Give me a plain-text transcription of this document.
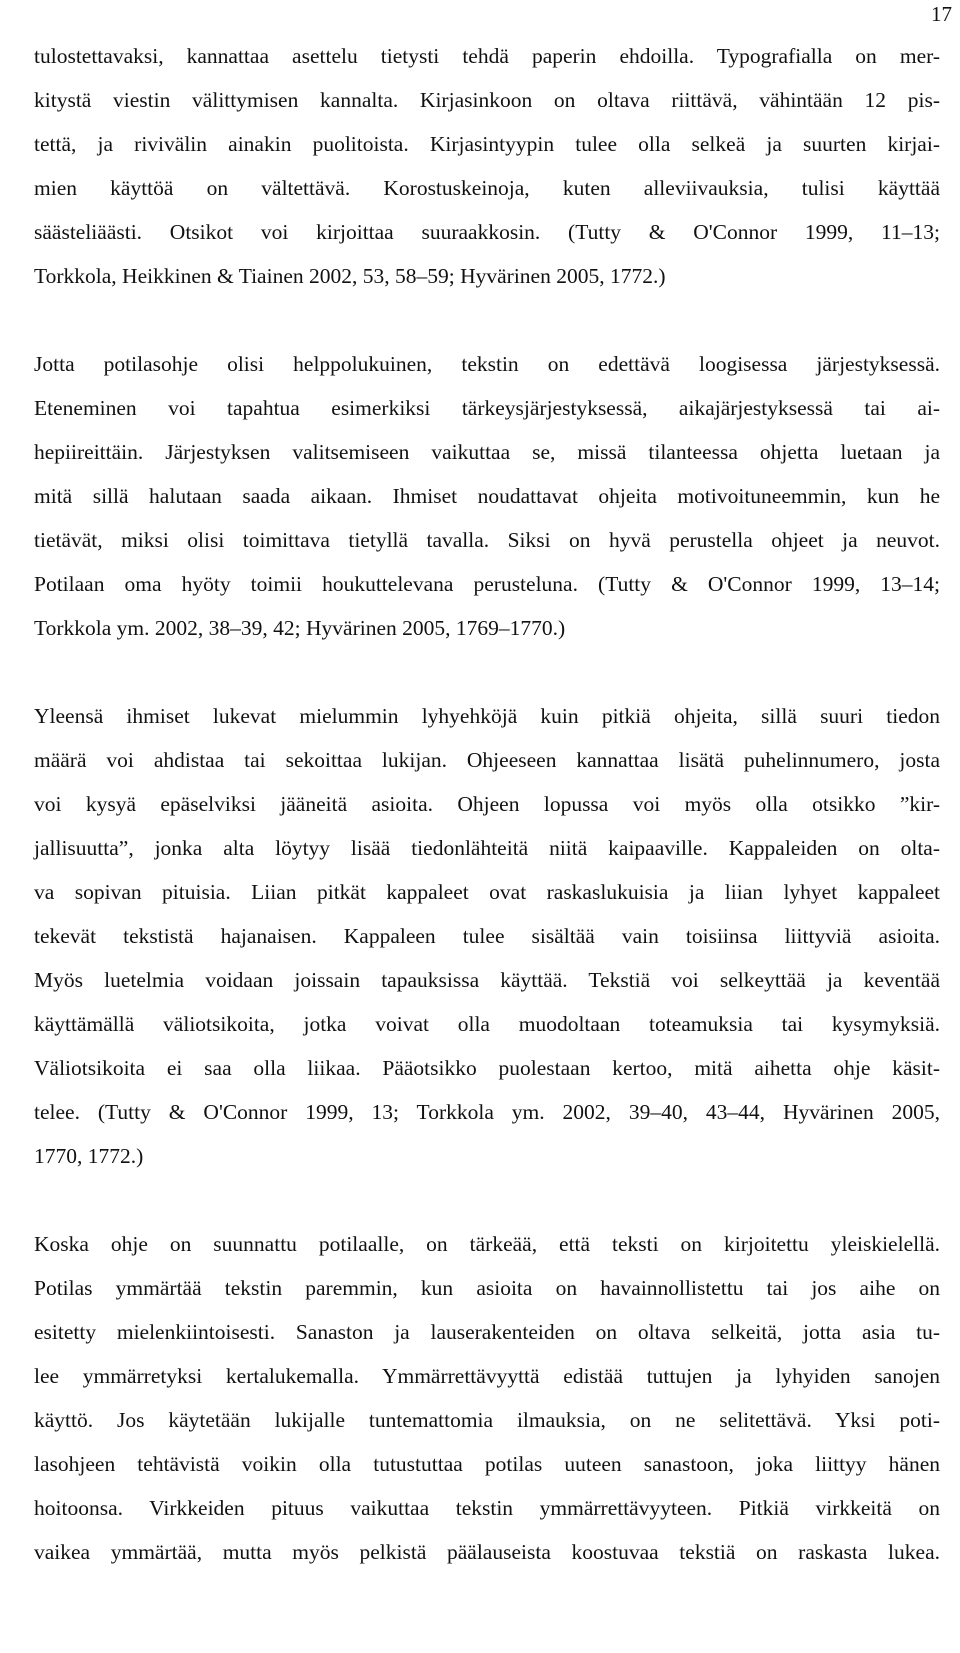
17
tulostettavaksi, kannattaa asettelu tietysti tehdä paperin ehdoilla. Typografialla on mer-
kitystä viestin välittymisen kannalta. Kirjasinkoon on oltava riittävä, vähintään 12 pis-
tettä, ja rivivälin ainakin puolitoista. Kirjasintyypin tulee olla selkeä ja suurten kirjai-
mien käyttöä on vältettävä. Korostuskeinoja, kuten alleviivauksia, tulisi käyttää
säästeliäästi. Otsikot voi kirjoittaa suuraakkosin. (Tutty & O'Connor 1999, 11–13;
Torkkola, Heikkinen & Tiainen 2002, 53, 58–59; Hyvärinen 2005, 1772.)
Jotta potilasohje olisi helppolukuinen, tekstin on edettävä loogisessa järjestyksessä.
Eteneminen voi tapahtua esimerkiksi tärkeysjärjestyksessä, aikajärjestyksessä tai ai-
hepiireittäin. Järjestyksen valitsemiseen vaikuttaa se, missä tilanteessa ohjetta luetaan ja
mitä sillä halutaan saada aikaan. Ihmiset noudattavat ohjeita motivoituneemmin, kun he
tietävät, miksi olisi toimittava tietyllä tavalla. Siksi on hyvä perustella ohjeet ja neuvot.
Potilaan oma hyöty toimii houkuttelevana perusteluna. (Tutty & O'Connor 1999, 13–14;
Torkkola ym. 2002, 38–39, 42; Hyvärinen 2005, 1769–1770.)
Yleensä ihmiset lukevat mielummin lyhyehköjä kuin pitkiä ohjeita, sillä suuri tiedon
määrä voi ahdistaa tai sekoittaa lukijan. Ohjeeseen kannattaa lisätä puhelinnumero, josta
voi kysyä epäselviksi jääneitä asioita. Ohjeen lopussa voi myös olla otsikko ”kir-
jallisuutta”, jonka alta löytyy lisää tiedonlähteitä niitä kaipaaville. Kappaleiden on olta-
va sopivan pituisia. Liian pitkät kappaleet ovat raskaslukuisia ja liian lyhyet kappaleet
tekevät tekstistä hajanaisen. Kappaleen tulee sisältää vain toisiinsa liittyviä asioita.
Myös luetelmia voidaan joissain tapauksissa käyttää. Tekstiä voi selkeyttää ja keventää
käyttämällä väliotsikoita, jotka voivat olla muodoltaan toteamuksia tai kysymyksiä.
Väliotsikoita ei saa olla liikaa. Pääotsikko puolestaan kertoo, mitä aihetta ohje käsit-
telee. (Tutty & O'Connor 1999, 13; Torkkola ym. 2002, 39–40, 43–44, Hyvärinen 2005,
1770, 1772.)
Koska ohje on suunnattu potilaalle, on tärkeää, että teksti on kirjoitettu yleiskielellä.
Potilas ymmärtää tekstin paremmin, kun asioita on havainnollistettu tai jos aihe on
esitetty mielenkiintoisesti. Sanaston ja lauserakenteiden on oltava selkeitä, jotta asia tu-
lee ymmärretyksi kertalukemalla. Ymmärrettävyyttä edistää tuttujen ja lyhyiden sanojen
käyttö. Jos käytetään lukijalle tuntemattomia ilmauksia, on ne selitettävä. Yksi poti-
lasohjeen tehtävistä voikin olla tutustuttaa potilas uuteen sanastoon, joka liittyy hänen
hoitoonsa. Virkkeiden pituus vaikuttaa tekstin ymmärrettävyyteen. Pitkiä virkkeitä on
vaikea ymmärtää, mutta myös pelkistä päälauseista koostuvaa tekstiä on raskasta lukea.
